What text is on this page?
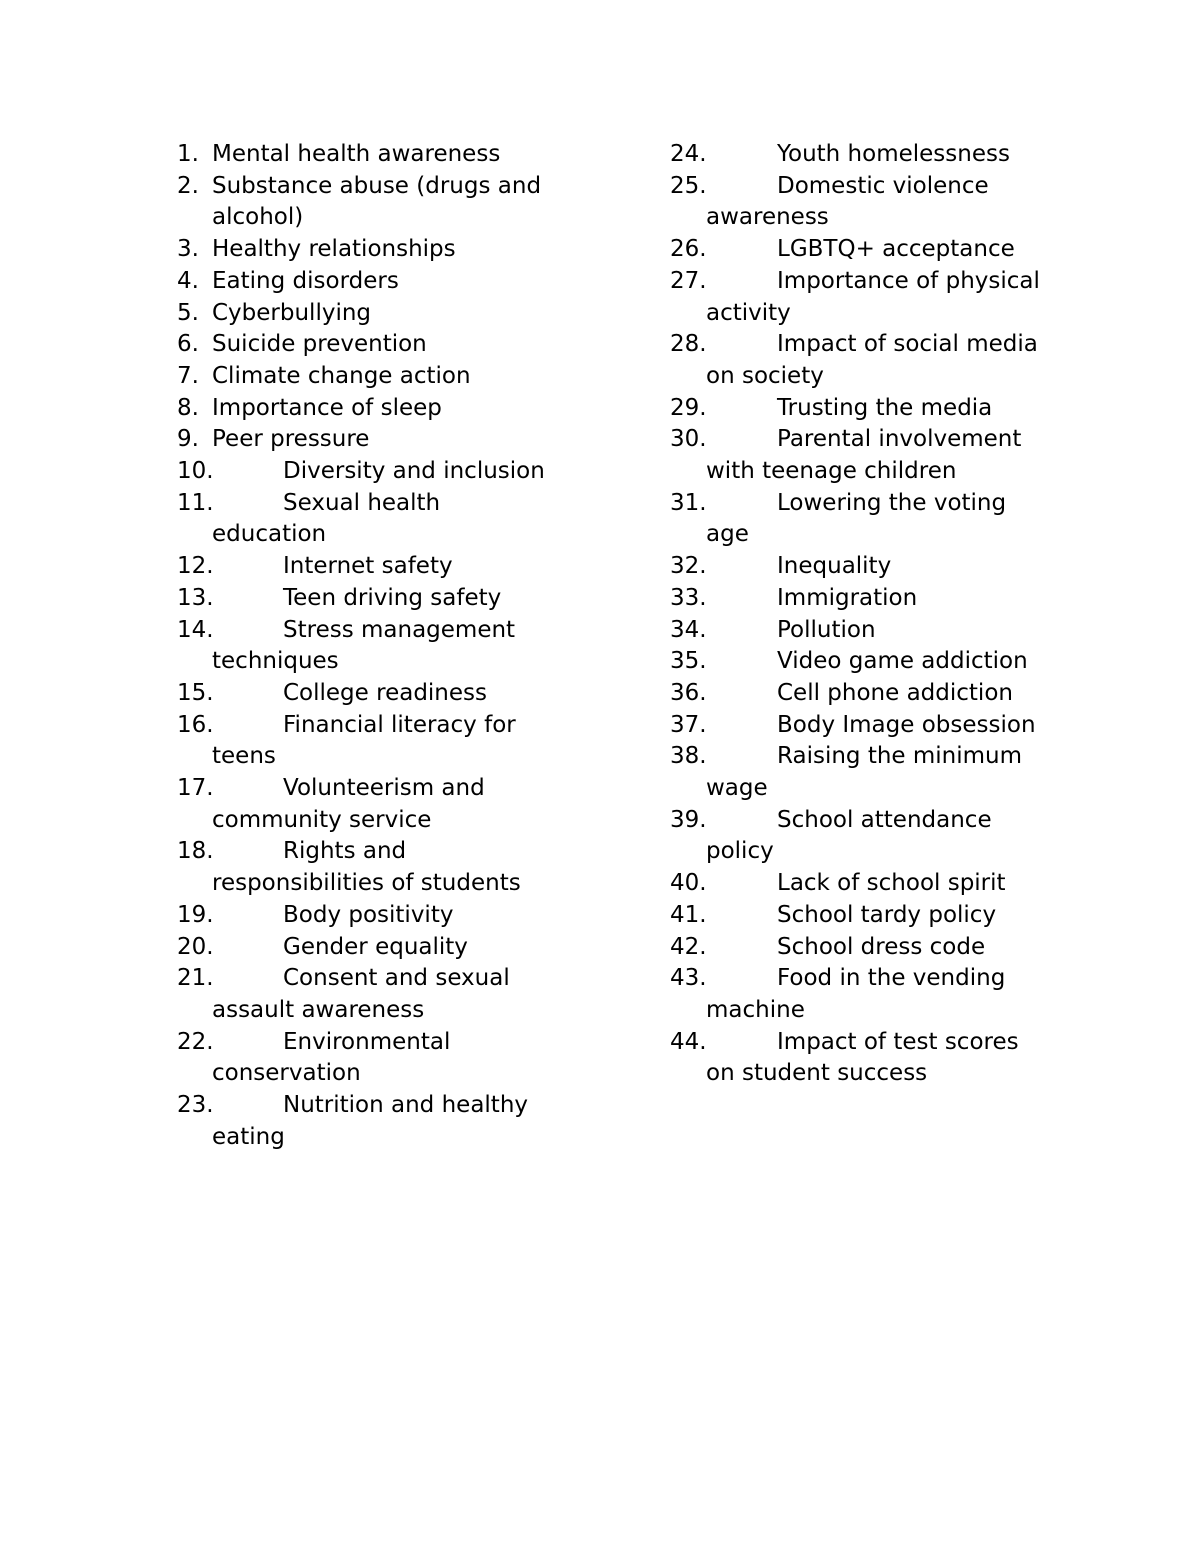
1. Mental health awareness
2. Substance abuse (drugs and
alcohol)
3. Healthy relationships
4. Eating disorders
5. Cyberbullying
6. Suicide prevention
7. Climate change action
8. Importance of sleep
9. Peer pressure
10.	Diversity and inclusion
11.	Sexual health
education
12.	Internet safety
13.	Teen driving safety
14.	Stress management
techniques
15.	College readiness
16.	Financial literacy for
teens
17.	Volunteerism and
community service
18.	Rights and
responsibilities of students
19.	Body positivity
20.	Gender equality
21.	Consent and sexual
assault awareness
22.	Environmental
conservation
23.	Nutrition and healthy
eating
24.	Youth homelessness
25.	Domestic violence
awareness
26.	LGBTQ+ acceptance
27.	Importance of physical
activity
28.	Impact of social media
on society
29.	Trusting the media
30.	Parental involvement
with teenage children
31.	Lowering the voting
age
32.	Inequality
33.	Immigration
34.	Pollution
35.	Video game addiction
36.	Cell phone addiction
37.	Body Image obsession
38.	Raising the minimum
wage
39.	School attendance
policy
40.	Lack of school spirit
41.	School tardy policy
42.	School dress code
43.	Food in the vending
machine
44.	Impact of test scores
on student success
